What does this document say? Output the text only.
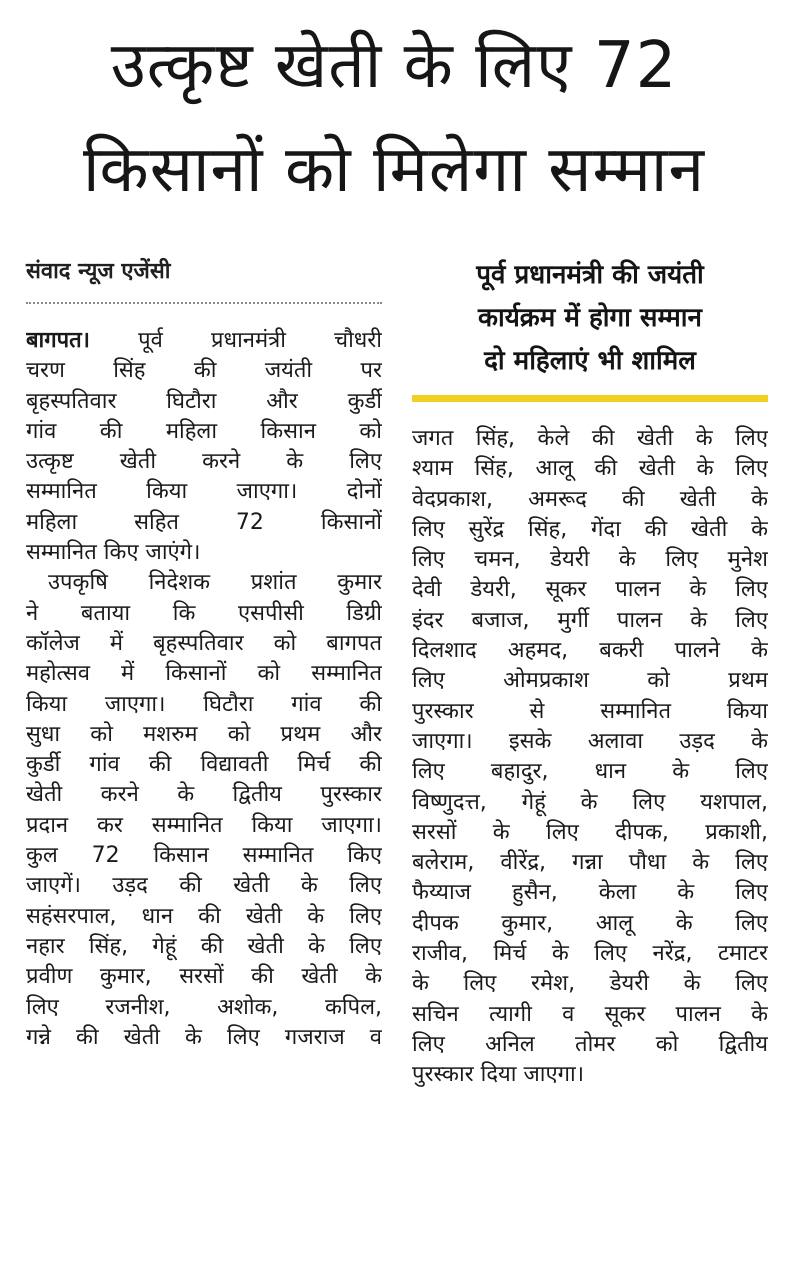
उत्कृष्ट खेती के लिए 72
किसानों को मिलेगा सम्मान
संवाद न्यूज एजेंसी
बागपत। पूर्व प्रधानमंत्री चौधरी
चरण सिंह की जयंती पर
बृहस्पतिवार घिटौरा और कुर्डी
गांव की महिला किसान को
उत्कृष्ट खेती करने के लिए
सम्मानित किया जाएगा। दोनों
महिला सहित 72 किसानों
सम्मानित किए जाएंगे।
उपकृषि निदेशक प्रशांत कुमार
ने बताया कि एसपीसी डिग्री
कॉलेज में बृहस्पतिवार को बागपत
महोत्सव में किसानों को सम्मानित
किया जाएगा। घिटौरा गांव की
सुधा को मशरुम को प्रथम और
कुर्डी गांव की विद्यावती मिर्च की
खेती करने के द्वितीय पुरस्कार
प्रदान कर सम्मानित किया जाएगा।
कुल 72 किसान सम्मानित किए
जाएगें। उड़द की खेती के लिए
सहंसरपाल, धान की खेती के लिए
नहार सिंह, गेहूं की खेती के लिए
प्रवीण कुमार, सरसों की खेती के
लिए रजनीश, अशोक, कपिल,
गन्ने की खेती के लिए गजराज व
पूर्व प्रधानमंत्री की जयंती
कार्यक्रम में होगा सम्मान
दो महिलाएं भी शामिल
जगत सिंह, केले की खेती के लिए
श्याम सिंह, आलू की खेती के लिए
वेदप्रकाश, अमरूद की खेती के
लिए सुरेंद्र सिंह, गेंदा की खेती के
लिए चमन, डेयरी के लिए मुनेश
देवी डेयरी, सूकर पालन के लिए
इंदर बजाज, मुर्गी पालन के लिए
दिलशाद अहमद, बकरी पालने के
लिए ओमप्रकाश को प्रथम
पुरस्कार से सम्मानित किया
जाएगा। इसके अलावा उड़द के
लिए बहादुर, धान के लिए
विष्णुदत्त, गेहूं के लिए यशपाल,
सरसों के लिए दीपक, प्रकाशी,
बलेराम, वीरेंद्र, गन्ना पौधा के लिए
फैय्याज हुसैन, केला के लिए
दीपक कुमार, आलू के लिए
राजीव, मिर्च के लिए नरेंद्र, टमाटर
के लिए रमेश, डेयरी के लिए
सचिन त्यागी व सूकर पालन के
लिए अनिल तोमर को द्वितीय
पुरस्कार दिया जाएगा।
